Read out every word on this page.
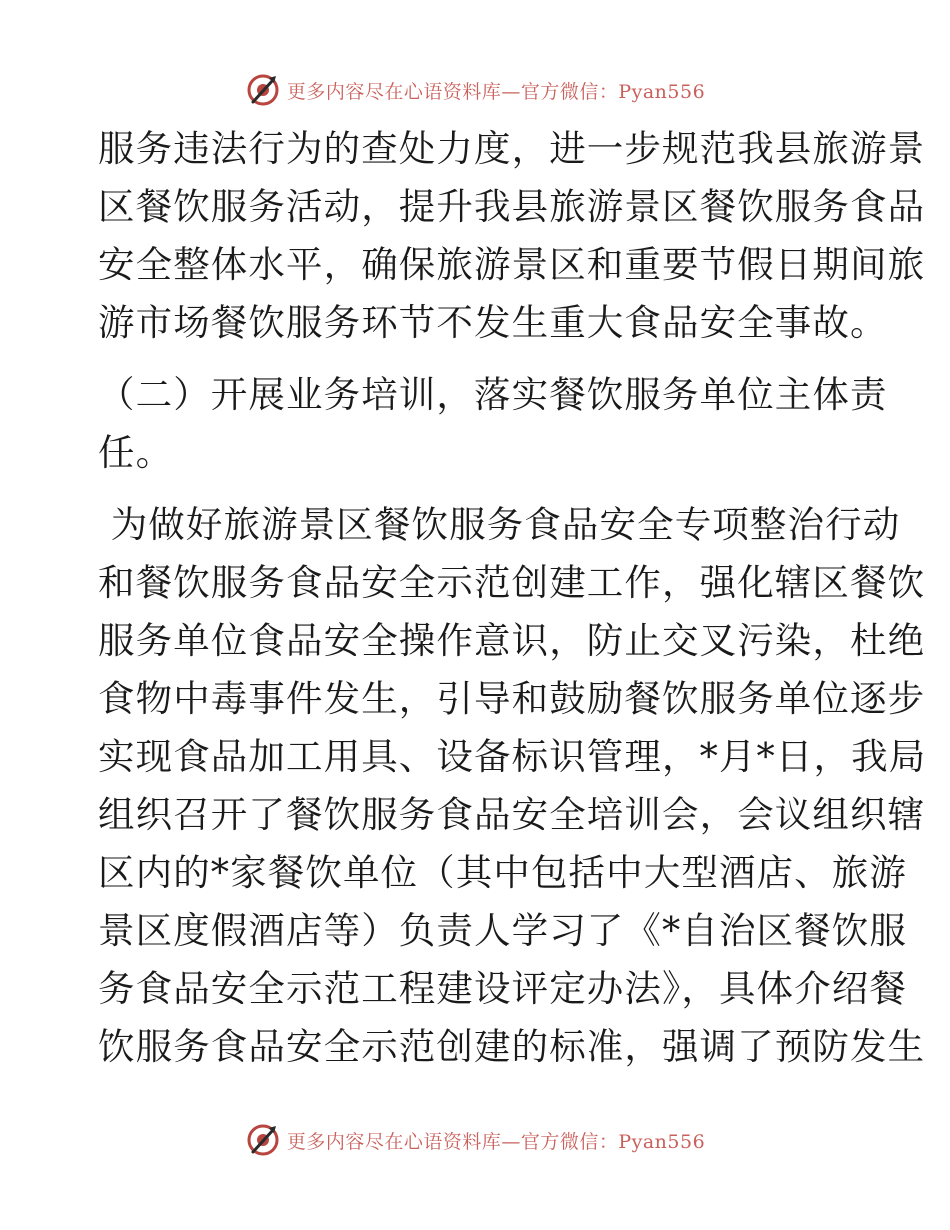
更多内容尽在心语资料库—官方微信：Pyan556
服务违法行为的查处力度，进一步规范我县旅游景
区餐饮服务活动，提升我县旅游景区餐饮服务食品
安全整体水平，确保旅游景区和重要节假日期间旅
游市场餐饮服务环节不发生重大食品安全事故。
（二）开展业务培训，落实餐饮服务单位主体责
任。
为做好旅游景区餐饮服务食品安全专项整治行动
和餐饮服务食品安全示范创建工作，强化辖区餐饮
服务单位食品安全操作意识，防止交叉污染，杜绝
食物中毒事件发生，引导和鼓励餐饮服务单位逐步
实现食品加工用具、设备标识管理，*月*日，我局
组织召开了餐饮服务食品安全培训会，会议组织辖
区内的*家餐饮单位（其中包括中大型酒店、旅游
景区度假酒店等）负责人学习了《*自治区餐饮服
务食品安全示范工程建设评定办法》，具体介绍餐
饮服务食品安全示范创建的标准，强调了预防发生
更多内容尽在心语资料库—官方微信：Pyan556
